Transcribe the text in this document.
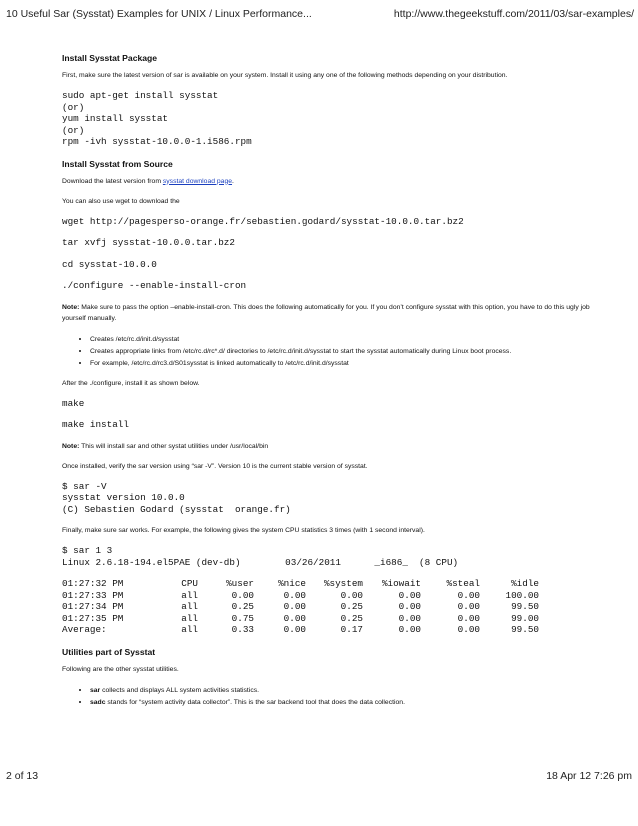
10 Useful Sar (Sysstat) Examples for UNIX / Linux Performance...	http://www.thegeekstuff.com/2011/03/sar-examples/
Install Sysstat Package

First, make sure the latest version of sar is available on your system. Install it using any one of the following methods depending on your distribution.

sudo apt-get install sysstat
(or)
yum install sysstat
(or)
rpm -ivh sysstat-10.0.0-1.i586.rpm
Install Sysstat from Source

Download the latest version from sysstat download page.

You can also use wget to download the

wget http://pagesperso-orange.fr/sebastien.godard/sysstat-10.0.0.tar.bz2
tar xvfj sysstat-10.0.0.tar.bz2
cd sysstat-10.0.0
./configure --enable-install-cron

Note: Make sure to pass the option –enable-install-cron. This does the following automatically for you. If you don’t configure sysstat with this option, you have to do this ugly job yourself manually.

• Creates /etc/rc.d/init.d/sysstat
• Creates appropriate links from /etc/rc.d/rc*.d/ directories to /etc/rc.d/init.d/sysstat to start the sysstat automatically during Linux boot process.
• For example, /etc/rc.d/rc3.d/S01sysstat is linked automatically to /etc/rc.d/init.d/sysstat

After the ./configure, install it as shown below.

make
make install

Note: This will install sar and other systat utilities under /usr/local/bin

Once installed, verify the sar version using “sar -V”. Version 10 is the current stable version of sysstat.

$ sar -V
sysstat version 10.0.0
(C) Sebastien Godard (sysstat  orange.fr)

Finally, make sure sar works. For example, the following gives the system CPU statistics 3 times (with 1 second interval).

$ sar 1 3
Linux 2.6.18-194.el5PAE (dev-db)        03/26/2011      _i686_  (8 CPU)
01:27:32 PM	CPU	%user	%nice	%system	%iowait	%steal	%idle
01:27:33 PM	all	0.00	0.00	0.00	0.00	0.00	100.00
01:27:34 PM	all	0.25	0.00	0.25	0.00	0.00	99.50
01:27:35 PM	all	0.75	0.00	0.25	0.00	0.00	99.00
Average:	all	0.33	0.00	0.17	0.00	0.00	99.50
Utilities part of Sysstat

Following are the other sysstat utilities.

• sar collects and displays ALL system activities statistics.
• sadc stands for “system activity data collector”. This is the sar backend tool that does the data collection.
2 of 13	18 Apr 12 7:26 pm
